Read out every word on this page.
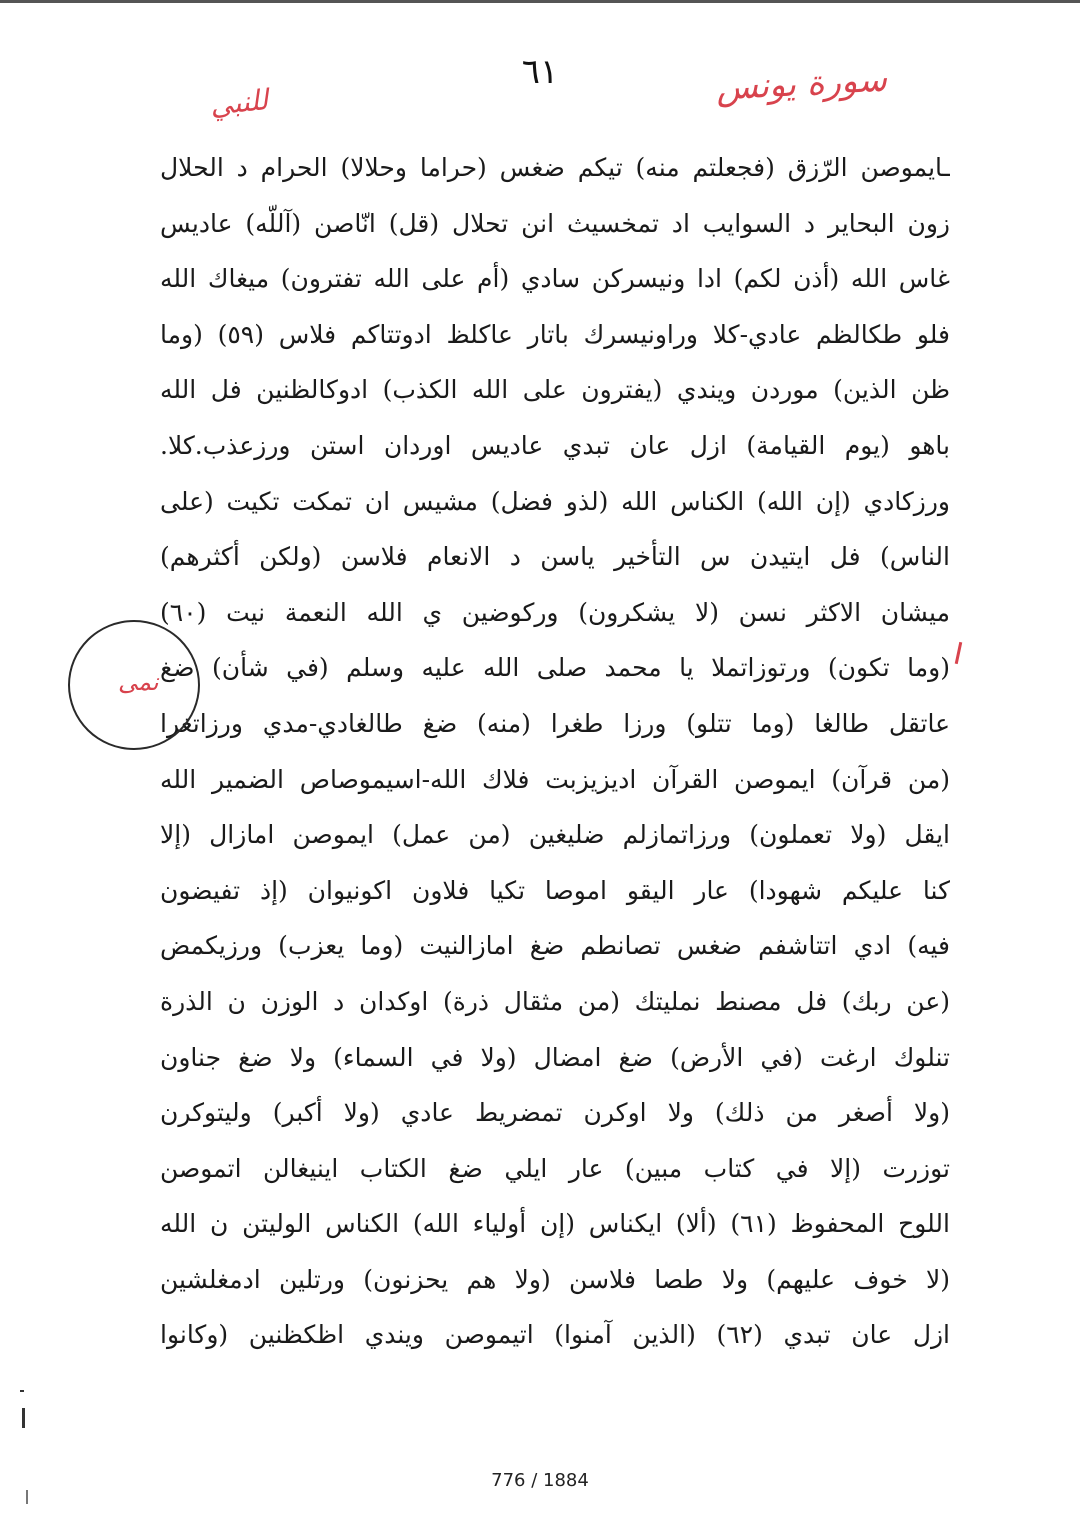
٦١	سورة يونس
للنبي
ـايموصن الرّزق (فجعلتم منه) تيكم ضغس (حراما وحلالا) الحرام د الحلال
زون البحاير د السوايب اد تمخسيث انن تحلال (قل) انّاصن (آللّه) عاديس
غاس الله (أذن لكم) ادا ونيسركن سادي (أم على الله تفترون) ميغاك الله
فلو طكالظم عادي-كلا وراونيسرك باتار عاكلظ ادوتتاكم فلاس (٥٩) (وما
ظن الذين) موردن ويندي (يفترون على الله الكذب) ادوكالظنين فل الله
باهو (يوم القيامة) ازل عان تبدي عاديس اوردان استن ورزعذب.كلا.
ورزكادي (إن الله) الكناس الله (لذو فضل) مشيس ان تمكت تكيت (على
الناس) فل ايتيدن س التأخير ياسن د الانعام فلاسن (ولكن أكثرهم)
ميشان الاكثر نسن (لا يشكرون) وركوضين ي الله النعمة نيت (٦٠)
(وما تكون) ورتوزاتملا يا محمد صلى الله عليه وسلم (في شأن) ضغ
عاتقل طالغا (وما تتلو) ورزا طغرا (منه) ضغ طالغادي-مدي ورزاتغرا
(من قرآن) ايموصن القرآن اديزيزبت فلاك الله-اسيموصاص الضمير الله
ايقل (ولا تعملون) ورزاتمازلم ضليغين (من عمل) ايموصن امازال (إلا
كنا عليكم شهودا) عار اليقو اموصا تكيا فلاون اكونيوان (إذ تفيضون
فيه) ادي اتتاشفم ضغس تصانطم ضغ امازالنيت (وما يعزب) ورزيكمض
(عن ربك) فل مصنط نمليتك (من مثقال ذرة) اوكدان د الوزن ن الذرة
تنلوك ارغت (في الأرض) ضغ امضال (ولا في السماء) ولا ضغ جناون
(ولا أصغر من ذلك) ولا اوكرن تمضريط عادي (ولا أكبر) وليتوكرن
توزرت (إلا في كتاب مبين) عار ايلي ضغ الكتاب اينيغالن اتموصن
اللوح المحفوظ (٦١) (ألا) ايكناس (إن أولياء الله) الكناس الوليتن ن الله
(لا خوف عليهم) ولا طصا فلاسن (ولا هم يحزنون) ورتلين ادمغلشين
ازل عان تبدي (٦٢) (الذين آمنوا) اتيموصن ويندي اظكظنين (وكانوا
نمى
776 / 1884
